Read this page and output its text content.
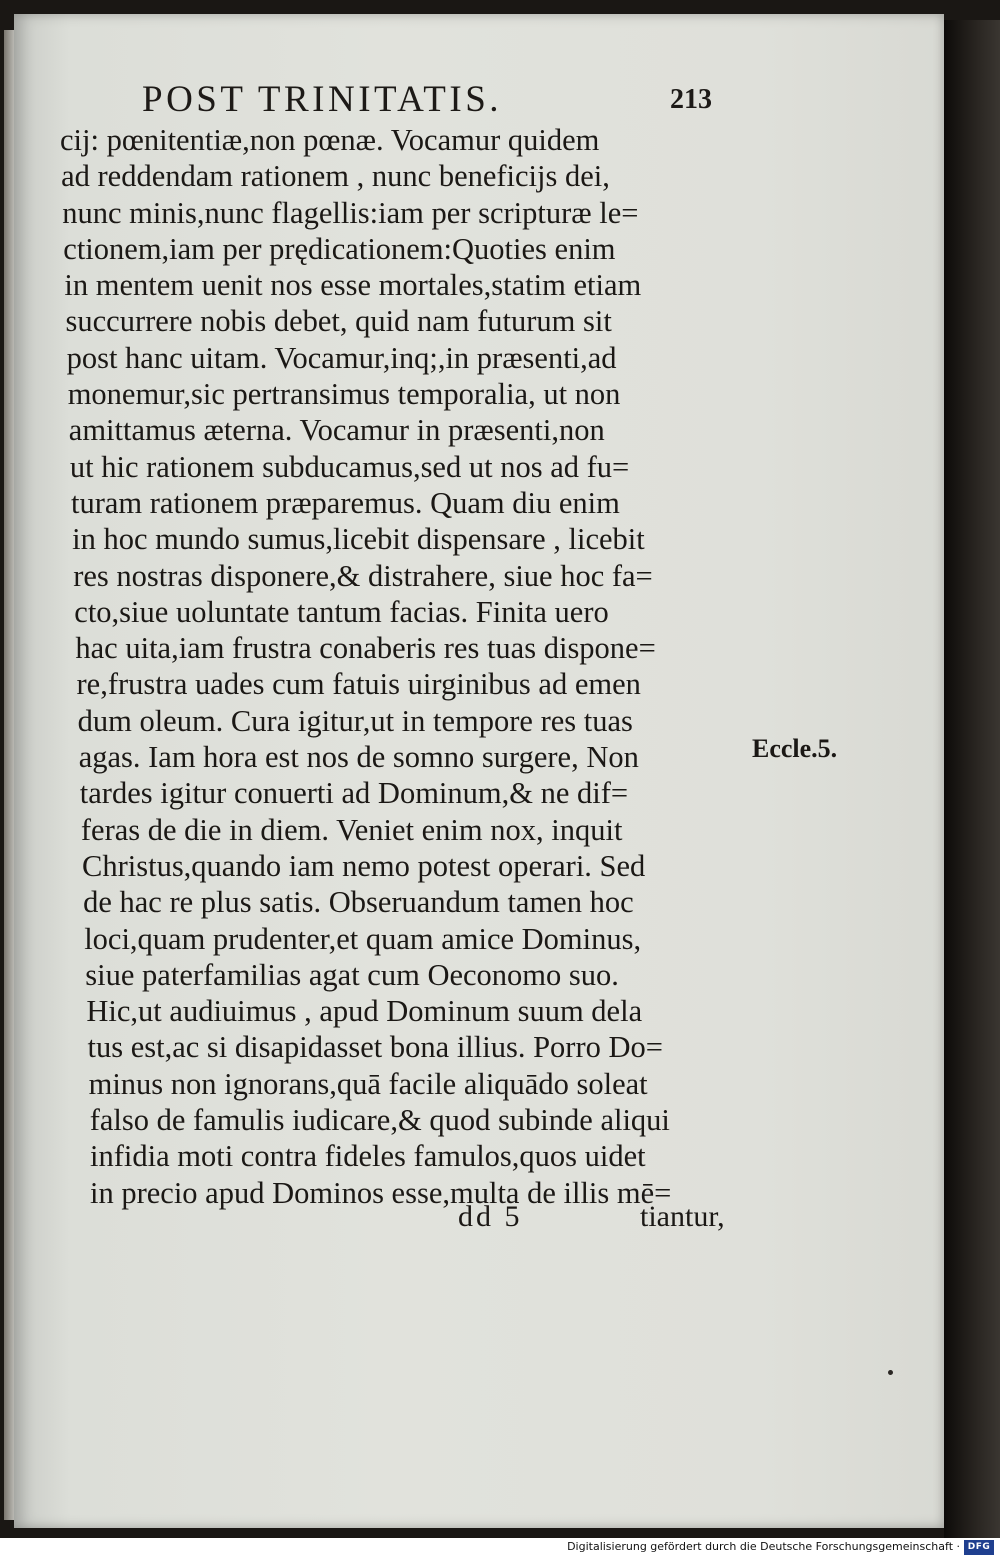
POST TRINITATIS.	213
cij: pœnitentiæ,non pœnæ. Vocamur quidem
ad reddendam rationem , nunc beneficijs dei,
nunc minis,nunc flagellis:iam per scripturæ le=
ctionem,iam per prędicationem:Quoties enim
in mentem uenit nos esse mortales,statim etiam
succurrere nobis debet, quid nam futurum sit
post hanc uitam. Vocamur,inq;,in præsenti,ad
monemur,sic pertransimus temporalia, ut non
amittamus æterna. Vocamur in præsenti,non
ut hic rationem subducamus,sed ut nos ad fu=
turam rationem præparemus. Quam diu enim
in hoc mundo sumus,licebit dispensare , licebit
res nostras disponere,& distrahere, siue hoc fa=
cto,siue uoluntate tantum facias. Finita uero
hac uita,iam frustra conaberis res tuas dispone=
re,frustra uades cum fatuis uirginibus ad emen
dum oleum. Cura igitur,ut in tempore res tuas
agas. Iam hora est nos de somno surgere, Non
tardes igitur conuerti ad Dominum,& ne dif=
feras de die in diem. Veniet enim nox, inquit
Christus,quando iam nemo potest operari. Sed
de hac re plus satis. Obseruandum tamen hoc
loci,quam prudenter,et quam amice Dominus,
siue paterfamilias agat cum Oeconomo suo.
Hic,ut audiuimus , apud Dominum suum dela
tus est,ac si disapidasset bona illius. Porro Do=
minus non ignorans,quā facile aliquādo soleat
falso de famulis iudicare,& quod subinde aliqui
infidia moti contra fideles famulos,quos uidet
in precio apud Dominos esse,multa de illis mē=
Eccle.5.
dd 5	tiantur,
Digitalisierung gefördert durch die Deutsche Forschungsgemeinschaft · DFG
